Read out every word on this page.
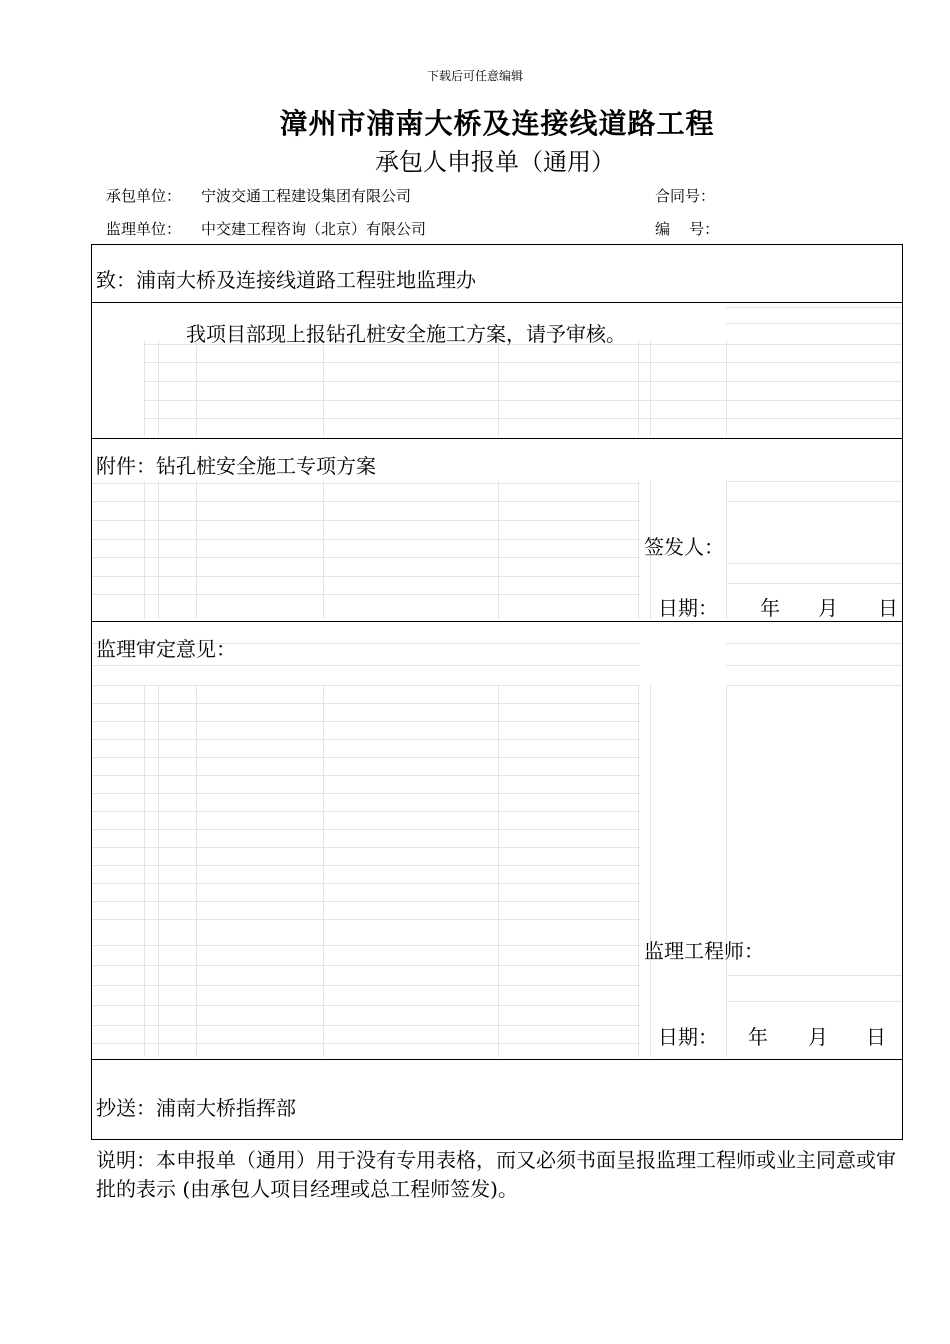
下载后可任意编辑
漳州市浦南大桥及连接线道路工程
承包人申报单（通用）
承包单位： 宁波交通工程建设集团有限公司	合同号：
监理单位： 中交建工程咨询（北京）有限公司	编    号：
致：浦南大桥及连接线道路工程驻地监理办
我项目部现上报钻孔桩安全施工方案，请予审核。
附件：钻孔桩安全施工专项方案
签发人：
日期： 年 月 日
监理审定意见：
监理工程师：
日期： 年 月 日
抄送：浦南大桥指挥部
说明：本申报单（通用）用于没有专用表格，而又必须书面呈报监理工程师或业主同意或审批的表示 (由承包人项目经理或总工程师签发)。
